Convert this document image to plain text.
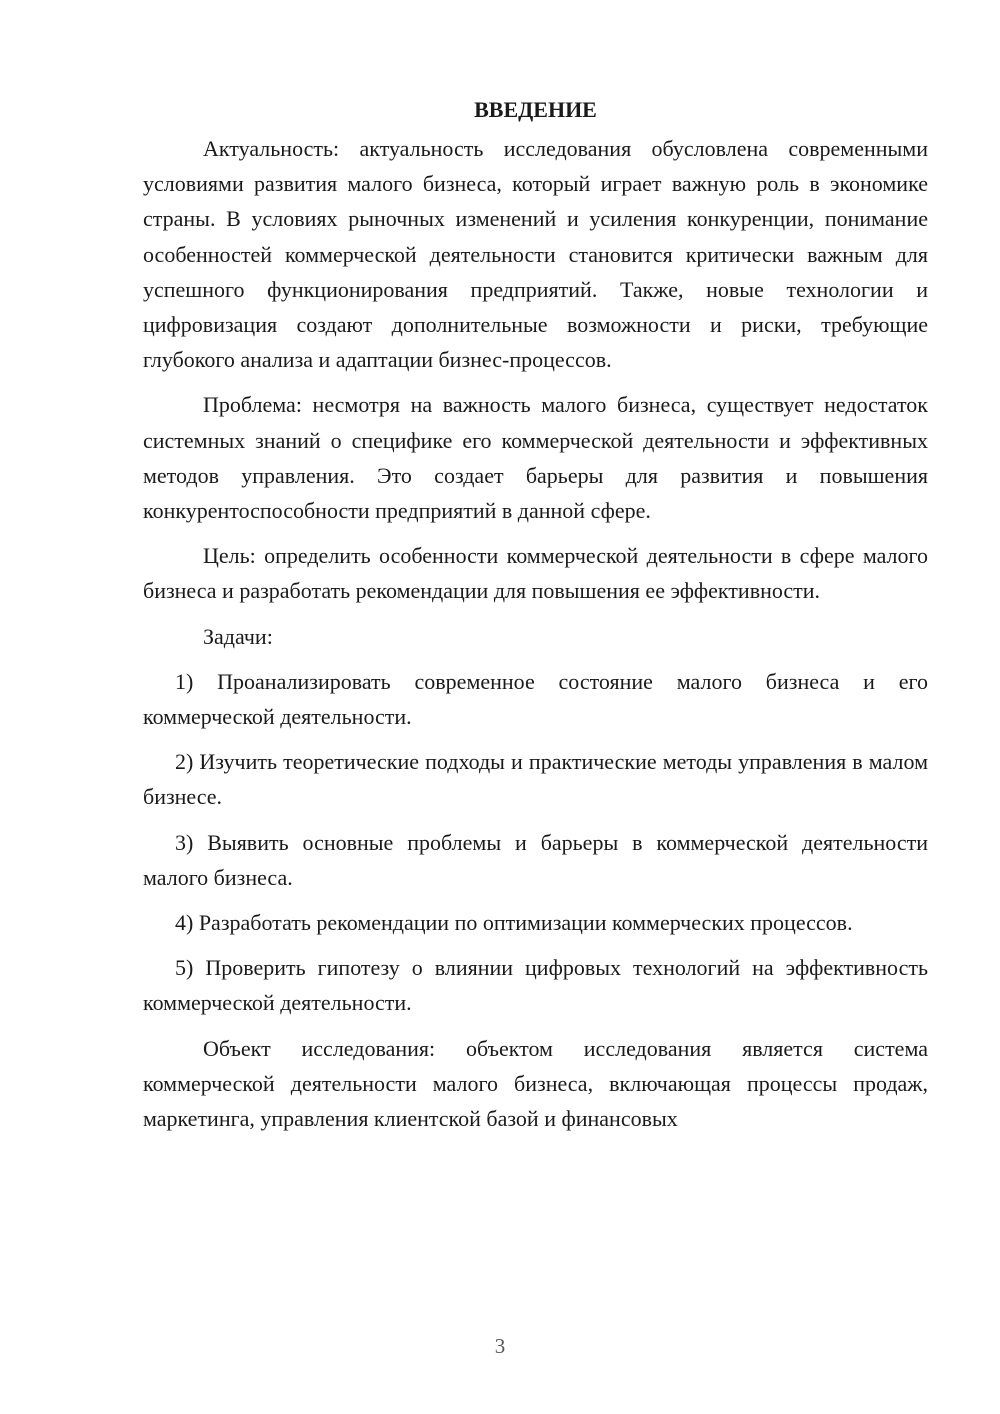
ВВЕДЕНИЕ

Актуальность: актуальность исследования обусловлена современными условиями развития малого бизнеса, который играет важную роль в экономике страны. В условиях рыночных изменений и усиления конкуренции, понимание особенностей коммерческой деятельности становится критически важным для успешного функционирования предприятий. Также, новые технологии и цифровизация создают дополнительные возможности и риски, требующие глубокого анализа и адаптации бизнес-процессов.

Проблема: несмотря на важность малого бизнеса, существует недостаток системных знаний о специфике его коммерческой деятельности и эффективных методов управления. Это создает барьеры для развития и повышения конкурентоспособности предприятий в данной сфере.

Цель: определить особенности коммерческой деятельности в сфере малого бизнеса и разработать рекомендации для повышения ее эффективности.

Задачи:

1) Проанализировать современное состояние малого бизнеса и его коммерческой деятельности.

2) Изучить теоретические подходы и практические методы управления в малом бизнесе.

3) Выявить основные проблемы и барьеры в коммерческой деятельности малого бизнеса.

4) Разработать рекомендации по оптимизации коммерческих процессов.

5) Проверить гипотезу о влиянии цифровых технологий на эффективность коммерческой деятельности.

Объект исследования: объектом исследования является система коммерческой деятельности малого бизнеса, включающая процессы продаж, маркетинга, управления клиентской базой и финансовых

3
